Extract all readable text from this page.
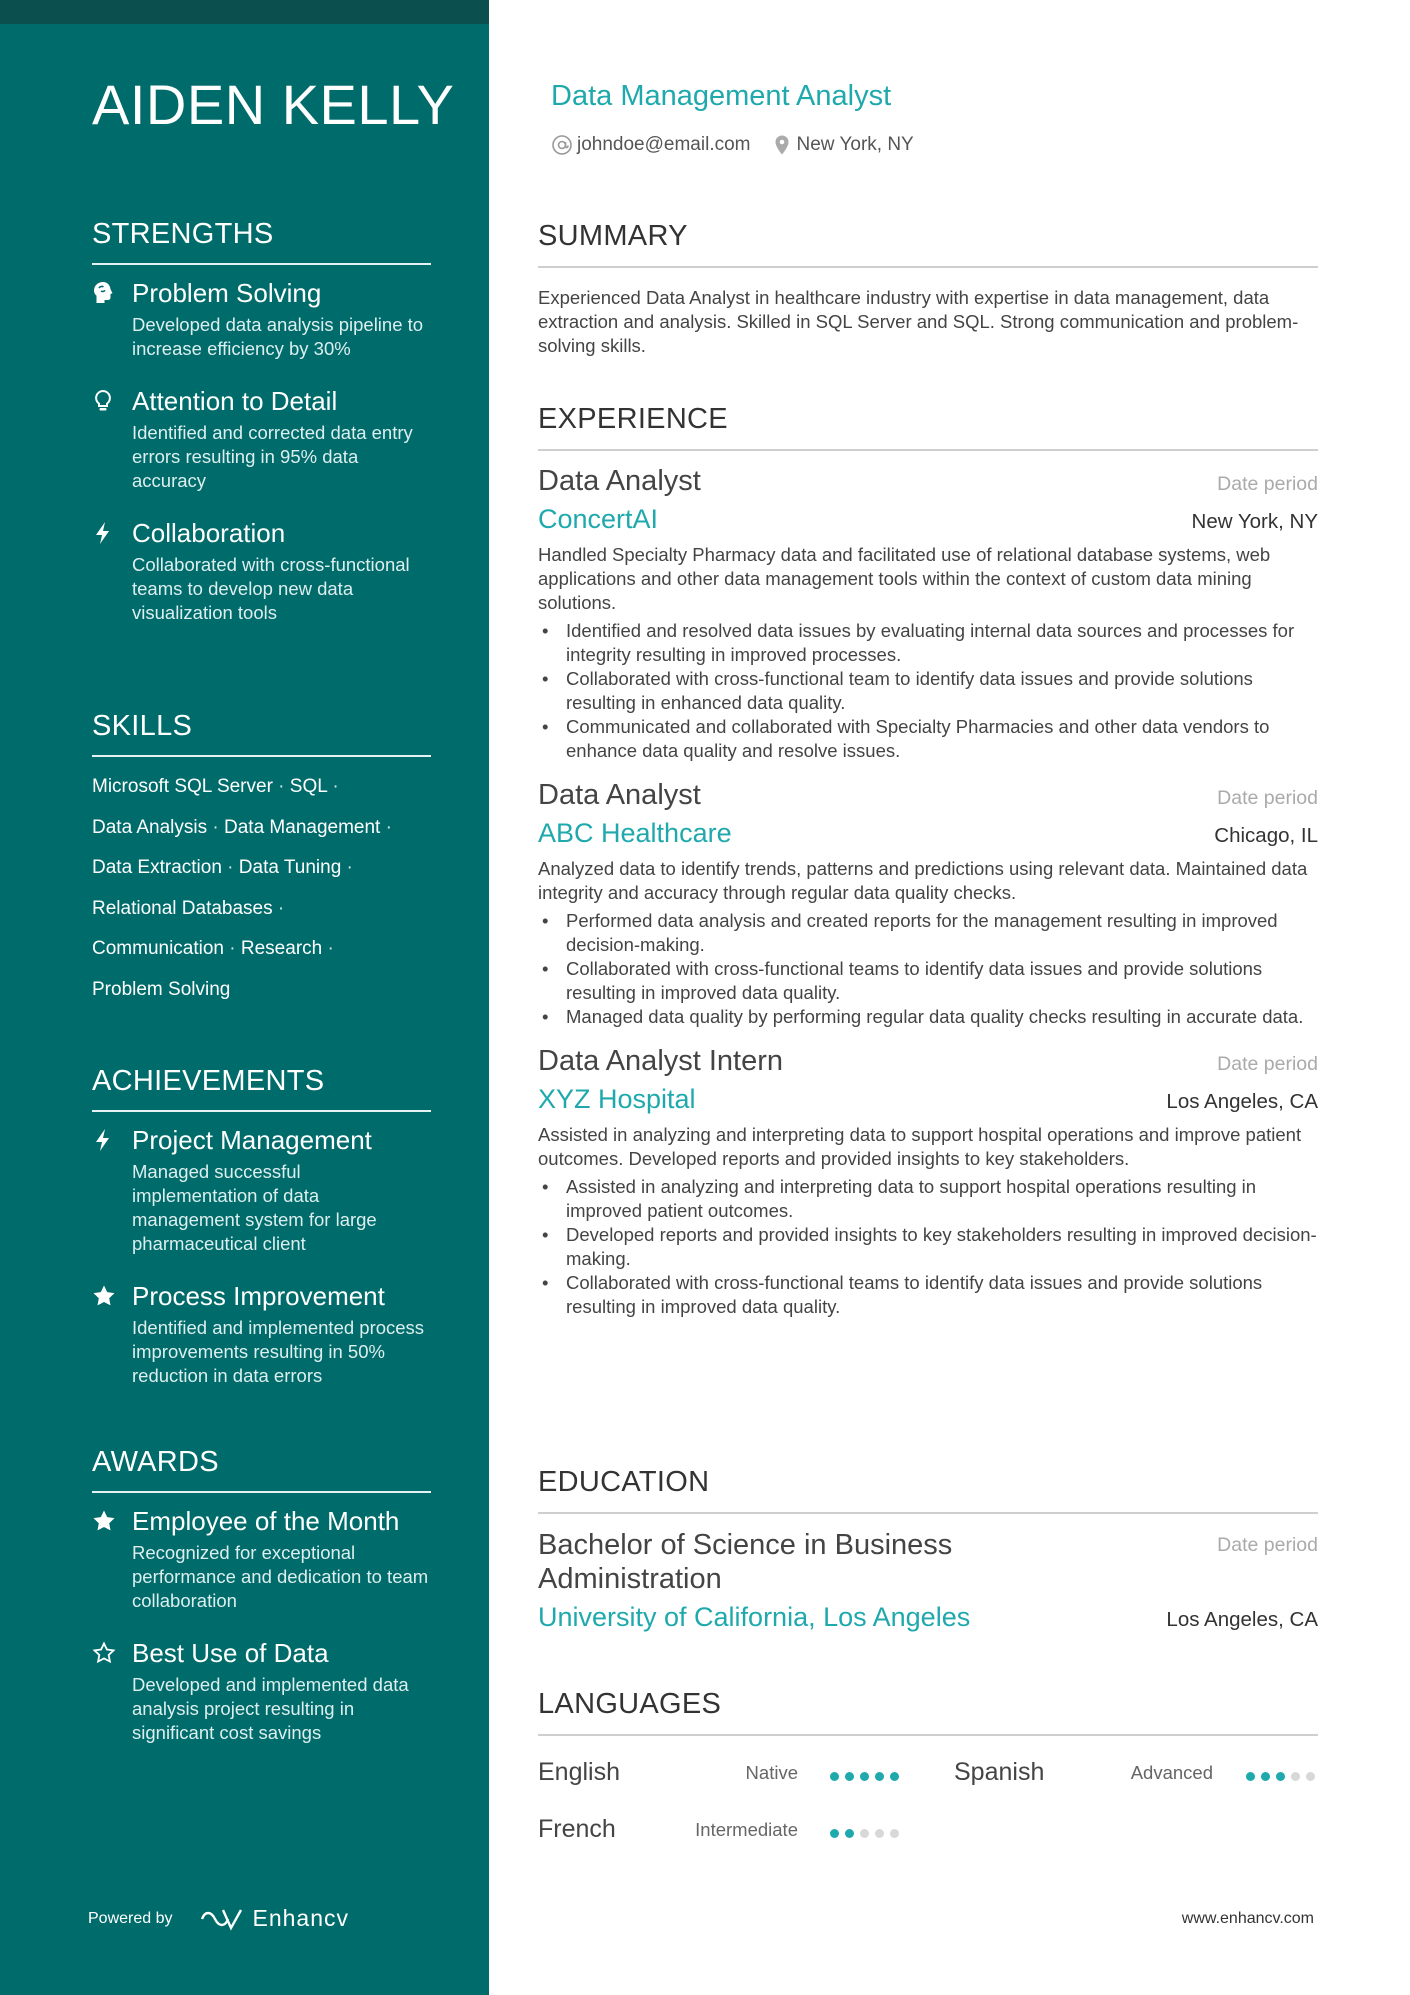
AIDEN KELLY
STRENGTHS
Problem Solving
Developed data analysis pipeline to increase efficiency by 30%
Attention to Detail
Identified and corrected data entry errors resulting in 95% data accuracy
Collaboration
Collaborated with cross-functional teams to develop new data visualization tools
SKILLS
Microsoft SQL Server · SQL ·
Data Analysis · Data Management ·
Data Extraction · Data Tuning ·
Relational Databases ·
Communication · Research ·
Problem Solving
ACHIEVEMENTS
Project Management
Managed successful implementation of data management system for large pharmaceutical client
Process Improvement
Identified and implemented process improvements resulting in 50% reduction in data errors
AWARDS
Employee of the Month
Recognized for exceptional performance and dedication to team collaboration
Best Use of Data
Developed and implemented data analysis project resulting in significant cost savings
Powered by	Enhancv
Data Management Analyst
johndoe@email.com New York, NY
SUMMARY
Experienced Data Analyst in healthcare industry with expertise in data management, data extraction and analysis. Skilled in SQL Server and SQL. Strong communication and problem-solving skills.
EXPERIENCE
Data Analyst	Date period
ConcertAI	New York, NY
Handled Specialty Pharmacy data and facilitated use of relational database systems, web applications and other data management tools within the context of custom data mining solutions.
• Identified and resolved data issues by evaluating internal data sources and processes for integrity resulting in improved processes.
• Collaborated with cross-functional team to identify data issues and provide solutions resulting in enhanced data quality.
• Communicated and collaborated with Specialty Pharmacies and other data vendors to enhance data quality and resolve issues.
Data Analyst	Date period
ABC Healthcare	Chicago, IL
Analyzed data to identify trends, patterns and predictions using relevant data. Maintained data integrity and accuracy through regular data quality checks.
• Performed data analysis and created reports for the management resulting in improved decision-making.
• Collaborated with cross-functional teams to identify data issues and provide solutions resulting in improved data quality.
• Managed data quality by performing regular data quality checks resulting in accurate data.
Data Analyst Intern	Date period
XYZ Hospital	Los Angeles, CA
Assisted in analyzing and interpreting data to support hospital operations and improve patient outcomes. Developed reports and provided insights to key stakeholders.
• Assisted in analyzing and interpreting data to support hospital operations resulting in improved patient outcomes.
• Developed reports and provided insights to key stakeholders resulting in improved decision-making.
• Collaborated with cross-functional teams to identify data issues and provide solutions resulting in improved data quality.
EDUCATION
Bachelor of Science in Business Administration
Date period
University of California, Los Angeles	Los Angeles, CA
LANGUAGES
English	Native	Spanish	Advanced
French	Intermediate
www.enhancv.com
